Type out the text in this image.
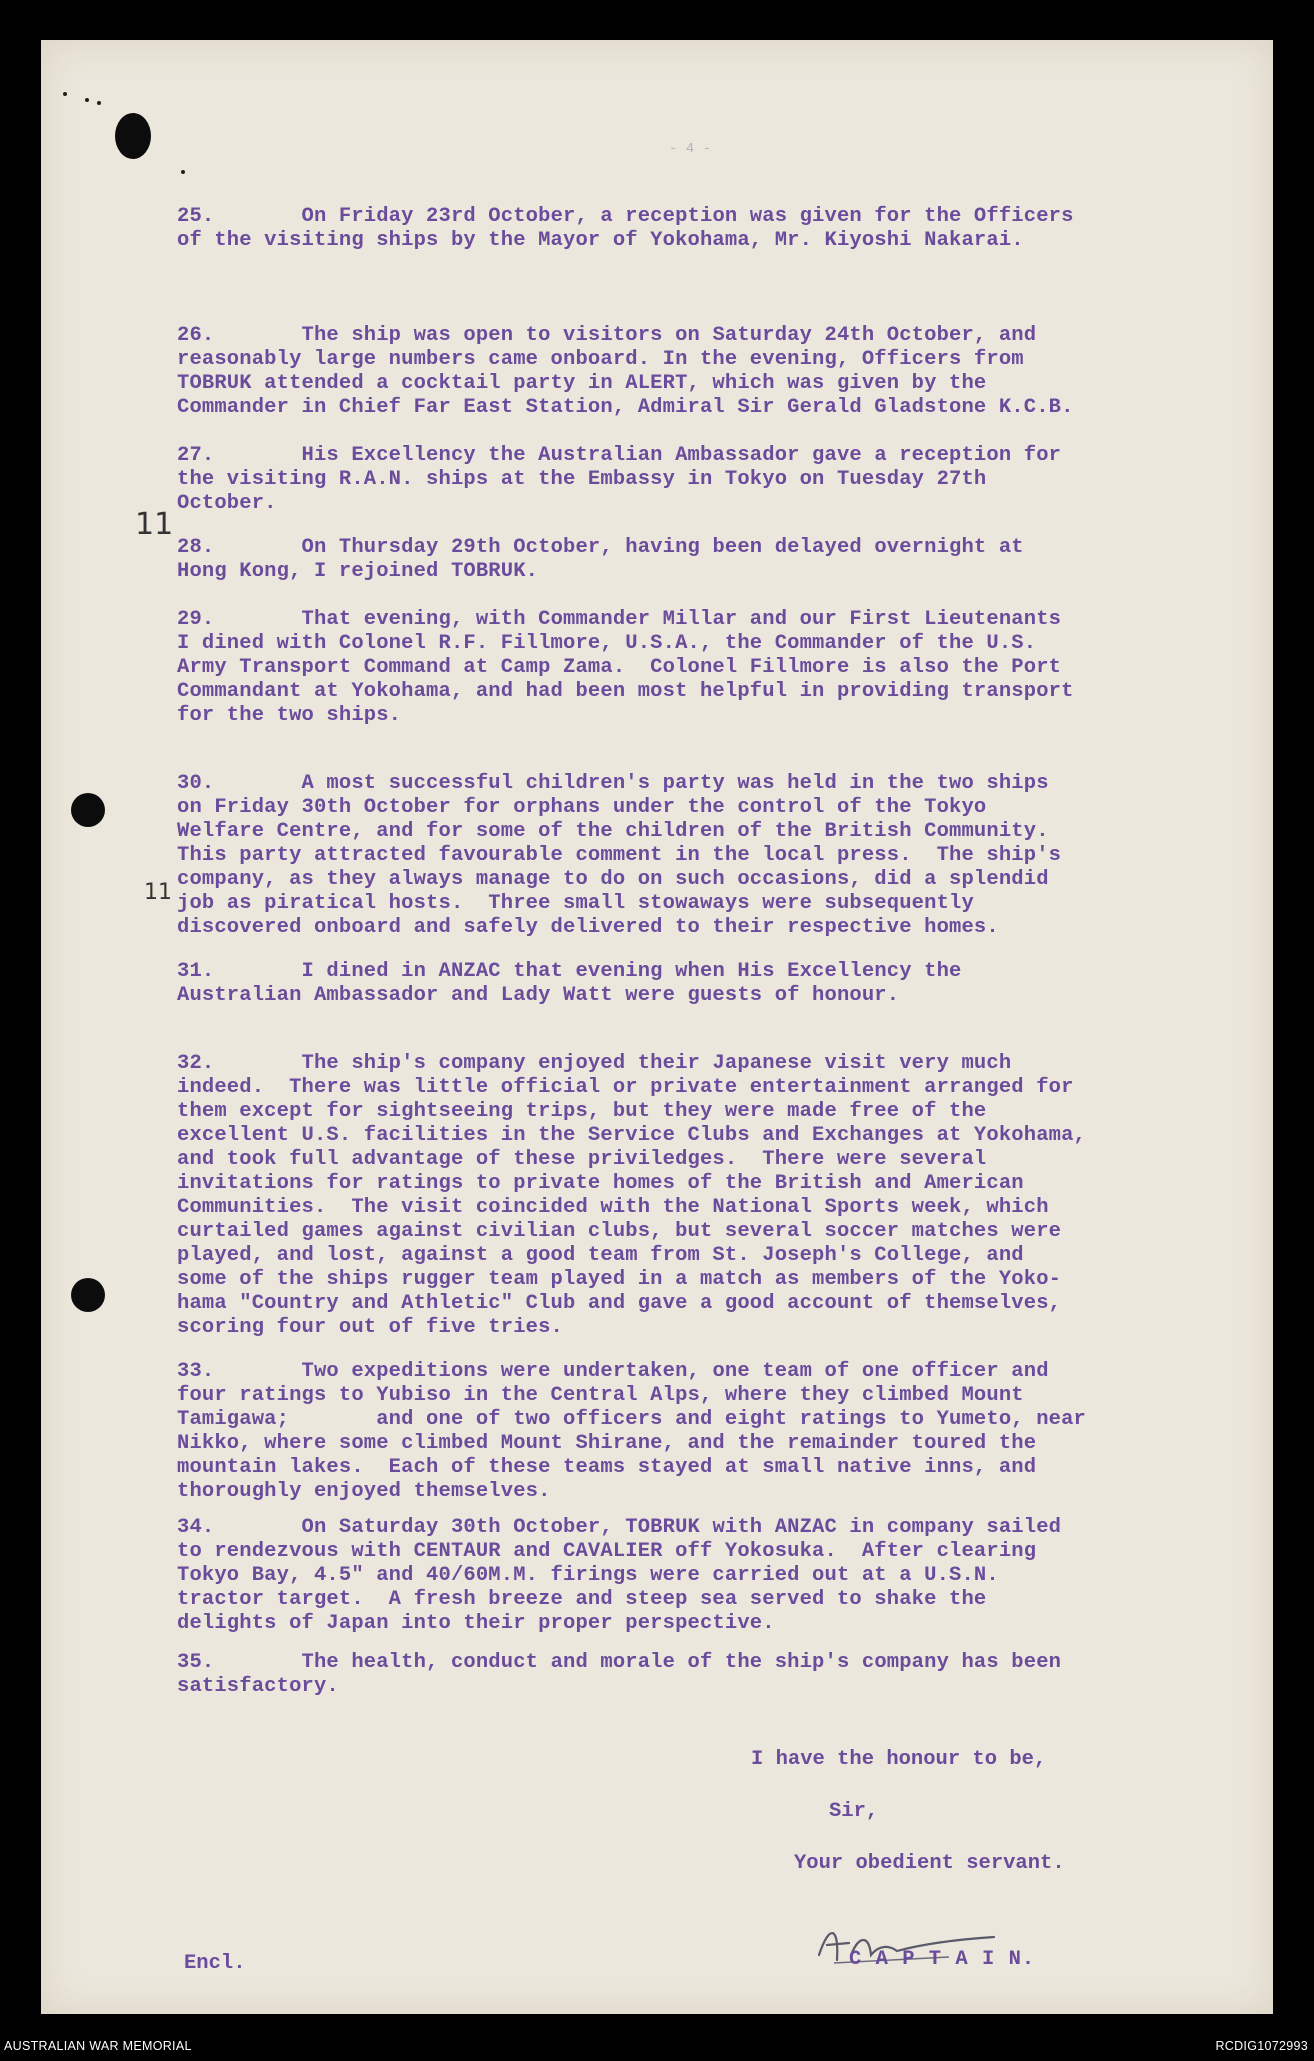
- 4 -
25.	On Friday 23rd October, a reception was given for the Officers
of the visiting ships by the Mayor of Yokohama, Mr. Kiyoshi Nakarai.
26.	The ship was open to visitors on Saturday 24th October, and
reasonably large numbers came onboard. In the evening, Officers from
TOBRUK attended a cocktail party in ALERT, which was given by the
Commander in Chief Far East Station, Admiral Sir Gerald Gladstone K.C.B.
27.	His Excellency the Australian Ambassador gave a reception for
the visiting R.A.N. ships at the Embassy in Tokyo on Tuesday 27th
October.
28.	On Thursday 29th October, having been delayed overnight at
Hong Kong, I rejoined TOBRUK.
29.	That evening, with Commander Millar and our First Lieutenants
I dined with Colonel R.F. Fillmore, U.S.A., the Commander of the U.S.
Army Transport Command at Camp Zama.  Colonel Fillmore is also the Port
Commandant at Yokohama, and had been most helpful in providing transport
for the two ships.
30.	A most successful children's party was held in the two ships
on Friday 30th October for orphans under the control of the Tokyo
Welfare Centre, and for some of the children of the British Community.
This party attracted favourable comment in the local press.  The ship's
company, as they always manage to do on such occasions, did a splendid
job as piratical hosts.  Three small stowaways were subsequently
discovered onboard and safely delivered to their respective homes.
31.	I dined in ANZAC that evening when His Excellency the
Australian Ambassador and Lady Watt were guests of honour.
32.	The ship's company enjoyed their Japanese visit very much
indeed.  There was little official or private entertainment arranged for
them except for sightseeing trips, but they were made free of the
excellent U.S. facilities in the Service Clubs and Exchanges at Yokohama,
and took full advantage of these priviledges.  There were several
invitations for ratings to private homes of the British and American
Communities.  The visit coincided with the National Sports week, which
curtailed games against civilian clubs, but several soccer matches were
played, and lost, against a good team from St. Joseph's College, and
some of the ships rugger team played in a match as members of the Yoko-
hama "Country and Athletic" Club and gave a good account of themselves,
scoring four out of five tries.
33.	Two expeditions were undertaken, one team of one officer and
four ratings to Yubiso in the Central Alps, where they climbed Mount
Tamigawa;       and one of two officers and eight ratings to Yumeto, near
Nikko, where some climbed Mount Shirane, and the remainder toured the
mountain lakes.  Each of these teams stayed at small native inns, and
thoroughly enjoyed themselves.
34.	On Saturday 30th October, TOBRUK with ANZAC in company sailed
to rendezvous with CENTAUR and CAVALIER off Yokosuka.  After clearing
Tokyo Bay, 4.5" and 40/60M.M. firings were carried out at a U.S.N.
tractor target.  A fresh breeze and steep sea served to shake the
delights of Japan into their proper perspective.
35.	The health, conduct and morale of the ship's company has been
satisfactory.
11
11

I have the honour to be,

Sir,

Your obedient servant.

C A P T A I N.

Encl.

AUSTRALIAN WAR MEMORIAL	RCDIG1072993
